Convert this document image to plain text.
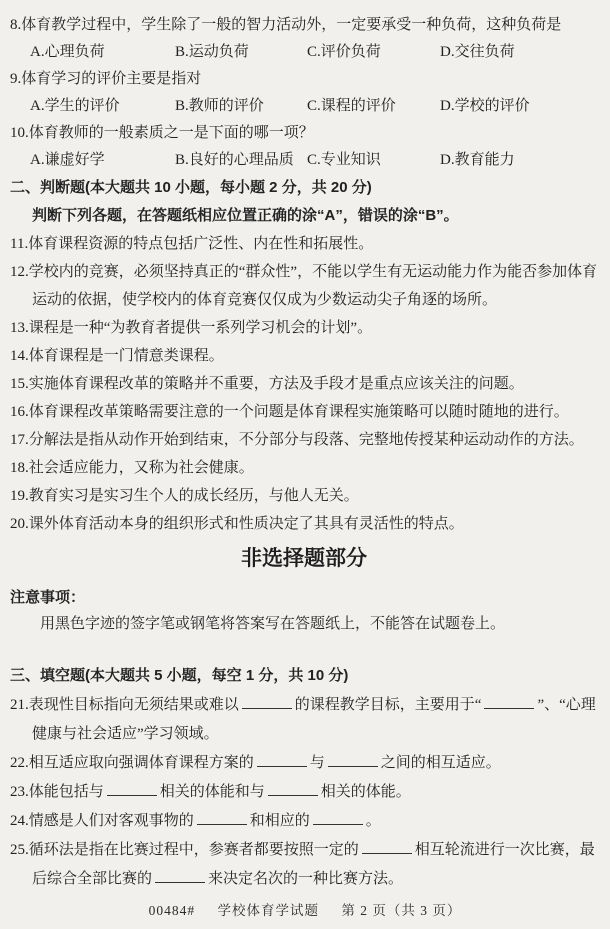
8.体育教学过程中，学生除了一般的智力活动外，一定要承受一种负荷，这种负荷是
A.心理负荷	B.运动负荷	C.评价负荷	D.交往负荷
9.体育学习的评价主要是指对
A.学生的评价	B.教师的评价	C.课程的评价	D.学校的评价
10.体育教师的一般素质之一是下面的哪一项？
A.谦虚好学	B.良好的心理品质 C.专业知识	D.教育能力
二、判断题(本大题共 10 小题，每小题 2 分，共 20 分)
判断下列各题，在答题纸相应位置正确的涂“A”，错误的涂“B”。
11.体育课程资源的特点包括广泛性、内在性和拓展性。
12.学校内的竞赛，必须坚持真正的“群众性”，不能以学生有无运动能力作为能否参加体育运动的依据，使学校内的体育竞赛仅仅成为少数运动尖子角逐的场所。
13.课程是一种“为教育者提供一系列学习机会的计划”。
14.体育课程是一门情意类课程。
15.实施体育课程改革的策略并不重要，方法及手段才是重点应该关注的问题。
16.体育课程改革策略需要注意的一个问题是体育课程实施策略可以随时随地的进行。
17.分解法是指从动作开始到结束，不分部分与段落、完整地传授某种运动动作的方法。
18.社会适应能力，又称为社会健康。
19.教育实习是实习生个人的成长经历，与他人无关。
20.课外体育活动本身的组织形式和性质决定了其具有灵活性的特点。
非选择题部分
注意事项：
用黑色字迹的签字笔或钢笔将答案写在答题纸上，不能答在试题卷上。
三、填空题(本大题共 5 小题，每空 1 分，共 10 分)
21.表现性目标指向无须结果或难以	的课程教学目标，主要用于“	”、“心理健康与社会适应”学习领域。
22.相互适应取向强调体育课程方案的	与	之间的相互适应。
23.体能包括与	相关的体能和与	相关的体能。
24.情感是人们对客观事物的	和相应的	。
25.循环法是指在比赛过程中，参赛者都要按照一定的	相互轮流进行一次比赛，最后综合全部比赛的	来决定名次的一种比赛方法。
00484# 学校体育学试题 第 2 页（共 3 页）
